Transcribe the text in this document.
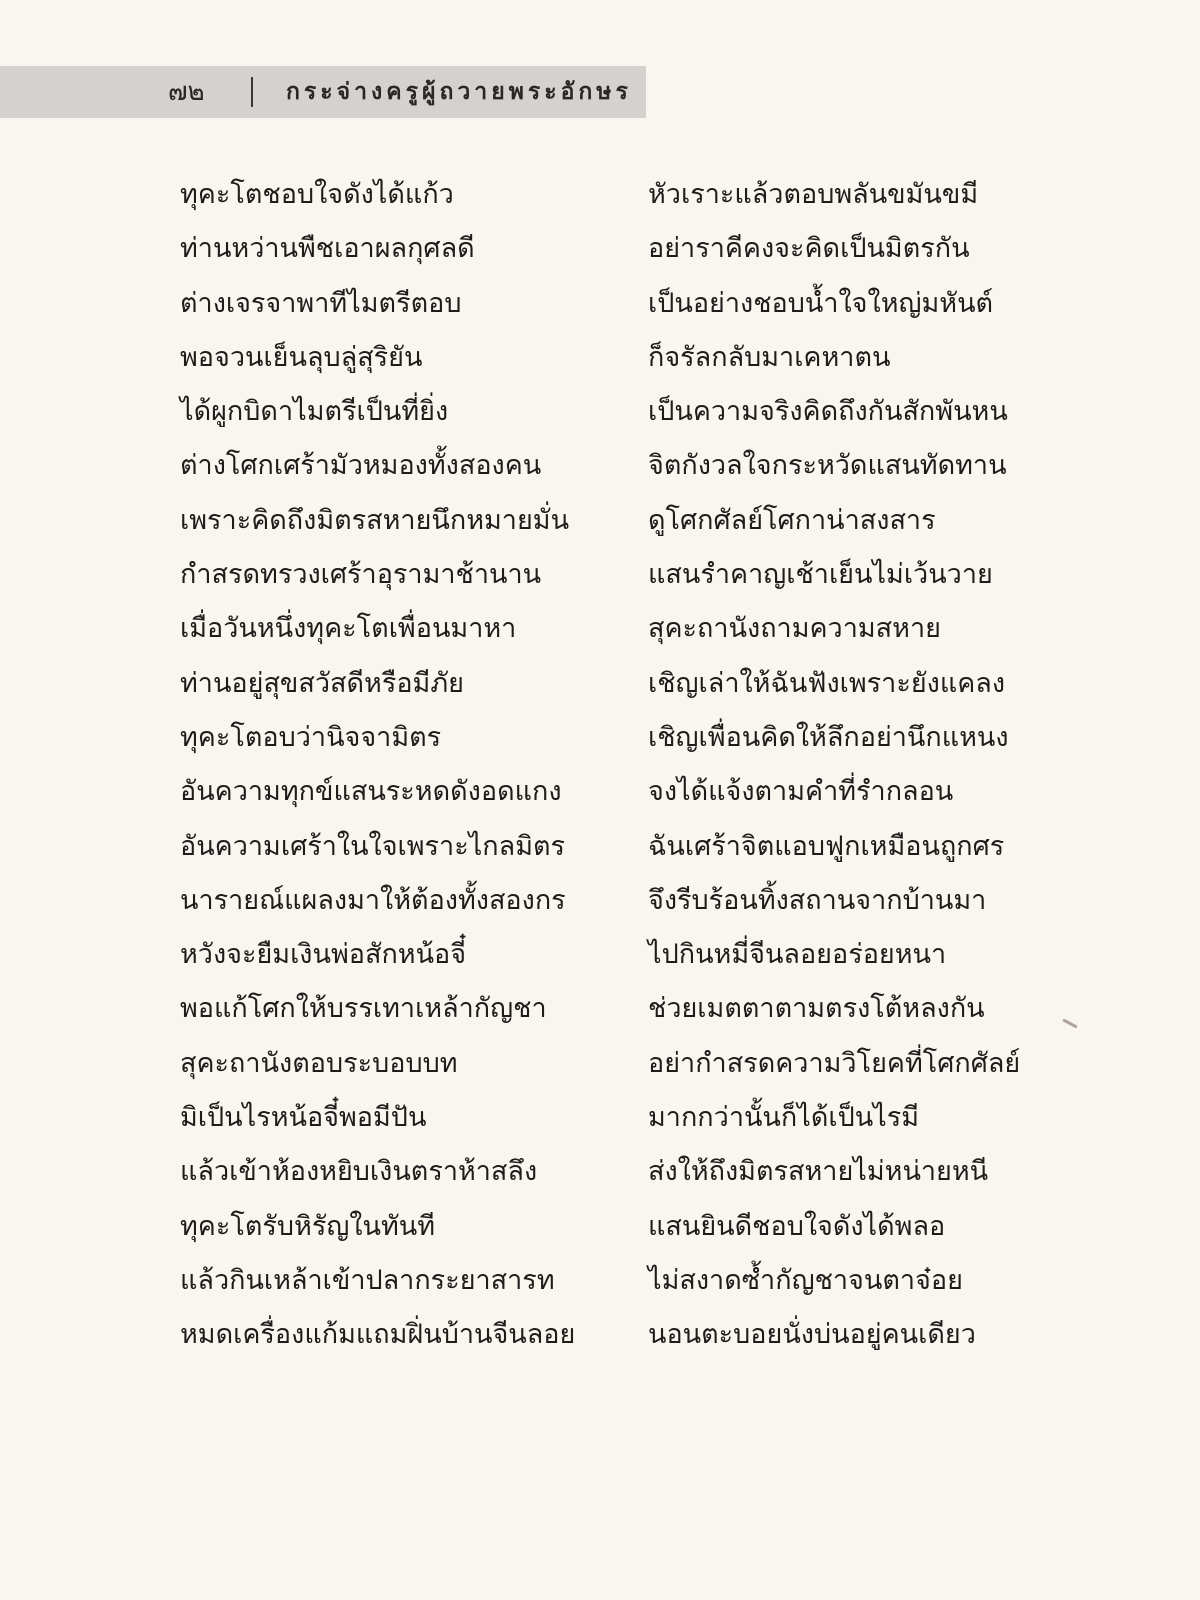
๗๒	กระจ่างครูผู้ถวายพระอักษร
ทุคะโตชอบใจดังได้แก้ว
ท่านหว่านพืชเอาผลกุศลดี
ต่างเจรจาพาทีไมตรีตอบ
พอจวนเย็นลุบลู่สุริยัน
ได้ผูกบิดาไมตรีเป็นที่ยิ่ง
ต่างโศกเศร้ามัวหมองทั้งสองคน
เพราะคิดถึงมิตรสหายนึกหมายมั่น
กำสรดทรวงเศร้าอุรามาช้านาน
เมื่อวันหนึ่งทุคะโตเพื่อนมาหา
ท่านอยู่สุขสวัสดีหรือมีภัย
ทุคะโตอบว่านิจจามิตร
อันความทุกข์แสนระหดดังอดแกง
อันความเศร้าในใจเพราะไกลมิตร
นารายณ์แผลงมาให้ต้องทั้งสองกร
หวังจะยืมเงินพ่อสักหน้อจี๋
พอแก้โศกให้บรรเทาเหล้ากัญชา
สุคะถานังตอบระบอบบท
มิเป็นไรหน้อจี๋พอมีปัน
แล้วเข้าห้องหยิบเงินตราห้าสลึง
ทุคะโตรับหิรัญในทันที
แล้วกินเหล้าเข้าปลากระยาสารท
หมดเครื่องแก้มแถมฝิ่นบ้านจีนลอย
หัวเราะแล้วตอบพลันขมันขมี
อย่าราคีคงจะคิดเป็นมิตรกัน
เป็นอย่างชอบน้ำใจใหญ่มหันต์
ก็จรัลกลับมาเคหาตน
เป็นความจริงคิดถึงกันสักพันหน
จิตกังวลใจกระหวัดแสนทัดทาน
ดูโศกศัลย์โศกาน่าสงสาร
แสนรำคาญเช้าเย็นไม่เว้นวาย
สุคะถานังถามความสหาย
เชิญเล่าให้ฉันฟังเพราะยังแคลง
เชิญเพื่อนคิดให้ลึกอย่านึกแหนง
จงได้แจ้งตามคำที่รำกลอน
ฉันเศร้าจิตแอบฟูกเหมือนถูกศร
จึงรีบร้อนทิ้งสถานจากบ้านมา
ไปกินหมี่จีนลอยอร่อยหนา
ช่วยเมตตาตามตรงโต้หลงกัน
อย่ากำสรดความวิโยคที่โศกศัลย์
มากกว่านั้นก็ได้เป็นไรมี
ส่งให้ถึงมิตรสหายไม่หน่ายหนี
แสนยินดีชอบใจดังได้พลอ
ไม่สงาดซ้ำกัญชาจนตาจ๋อย
นอนตะบอยนั่งบ่นอยู่คนเดียว
